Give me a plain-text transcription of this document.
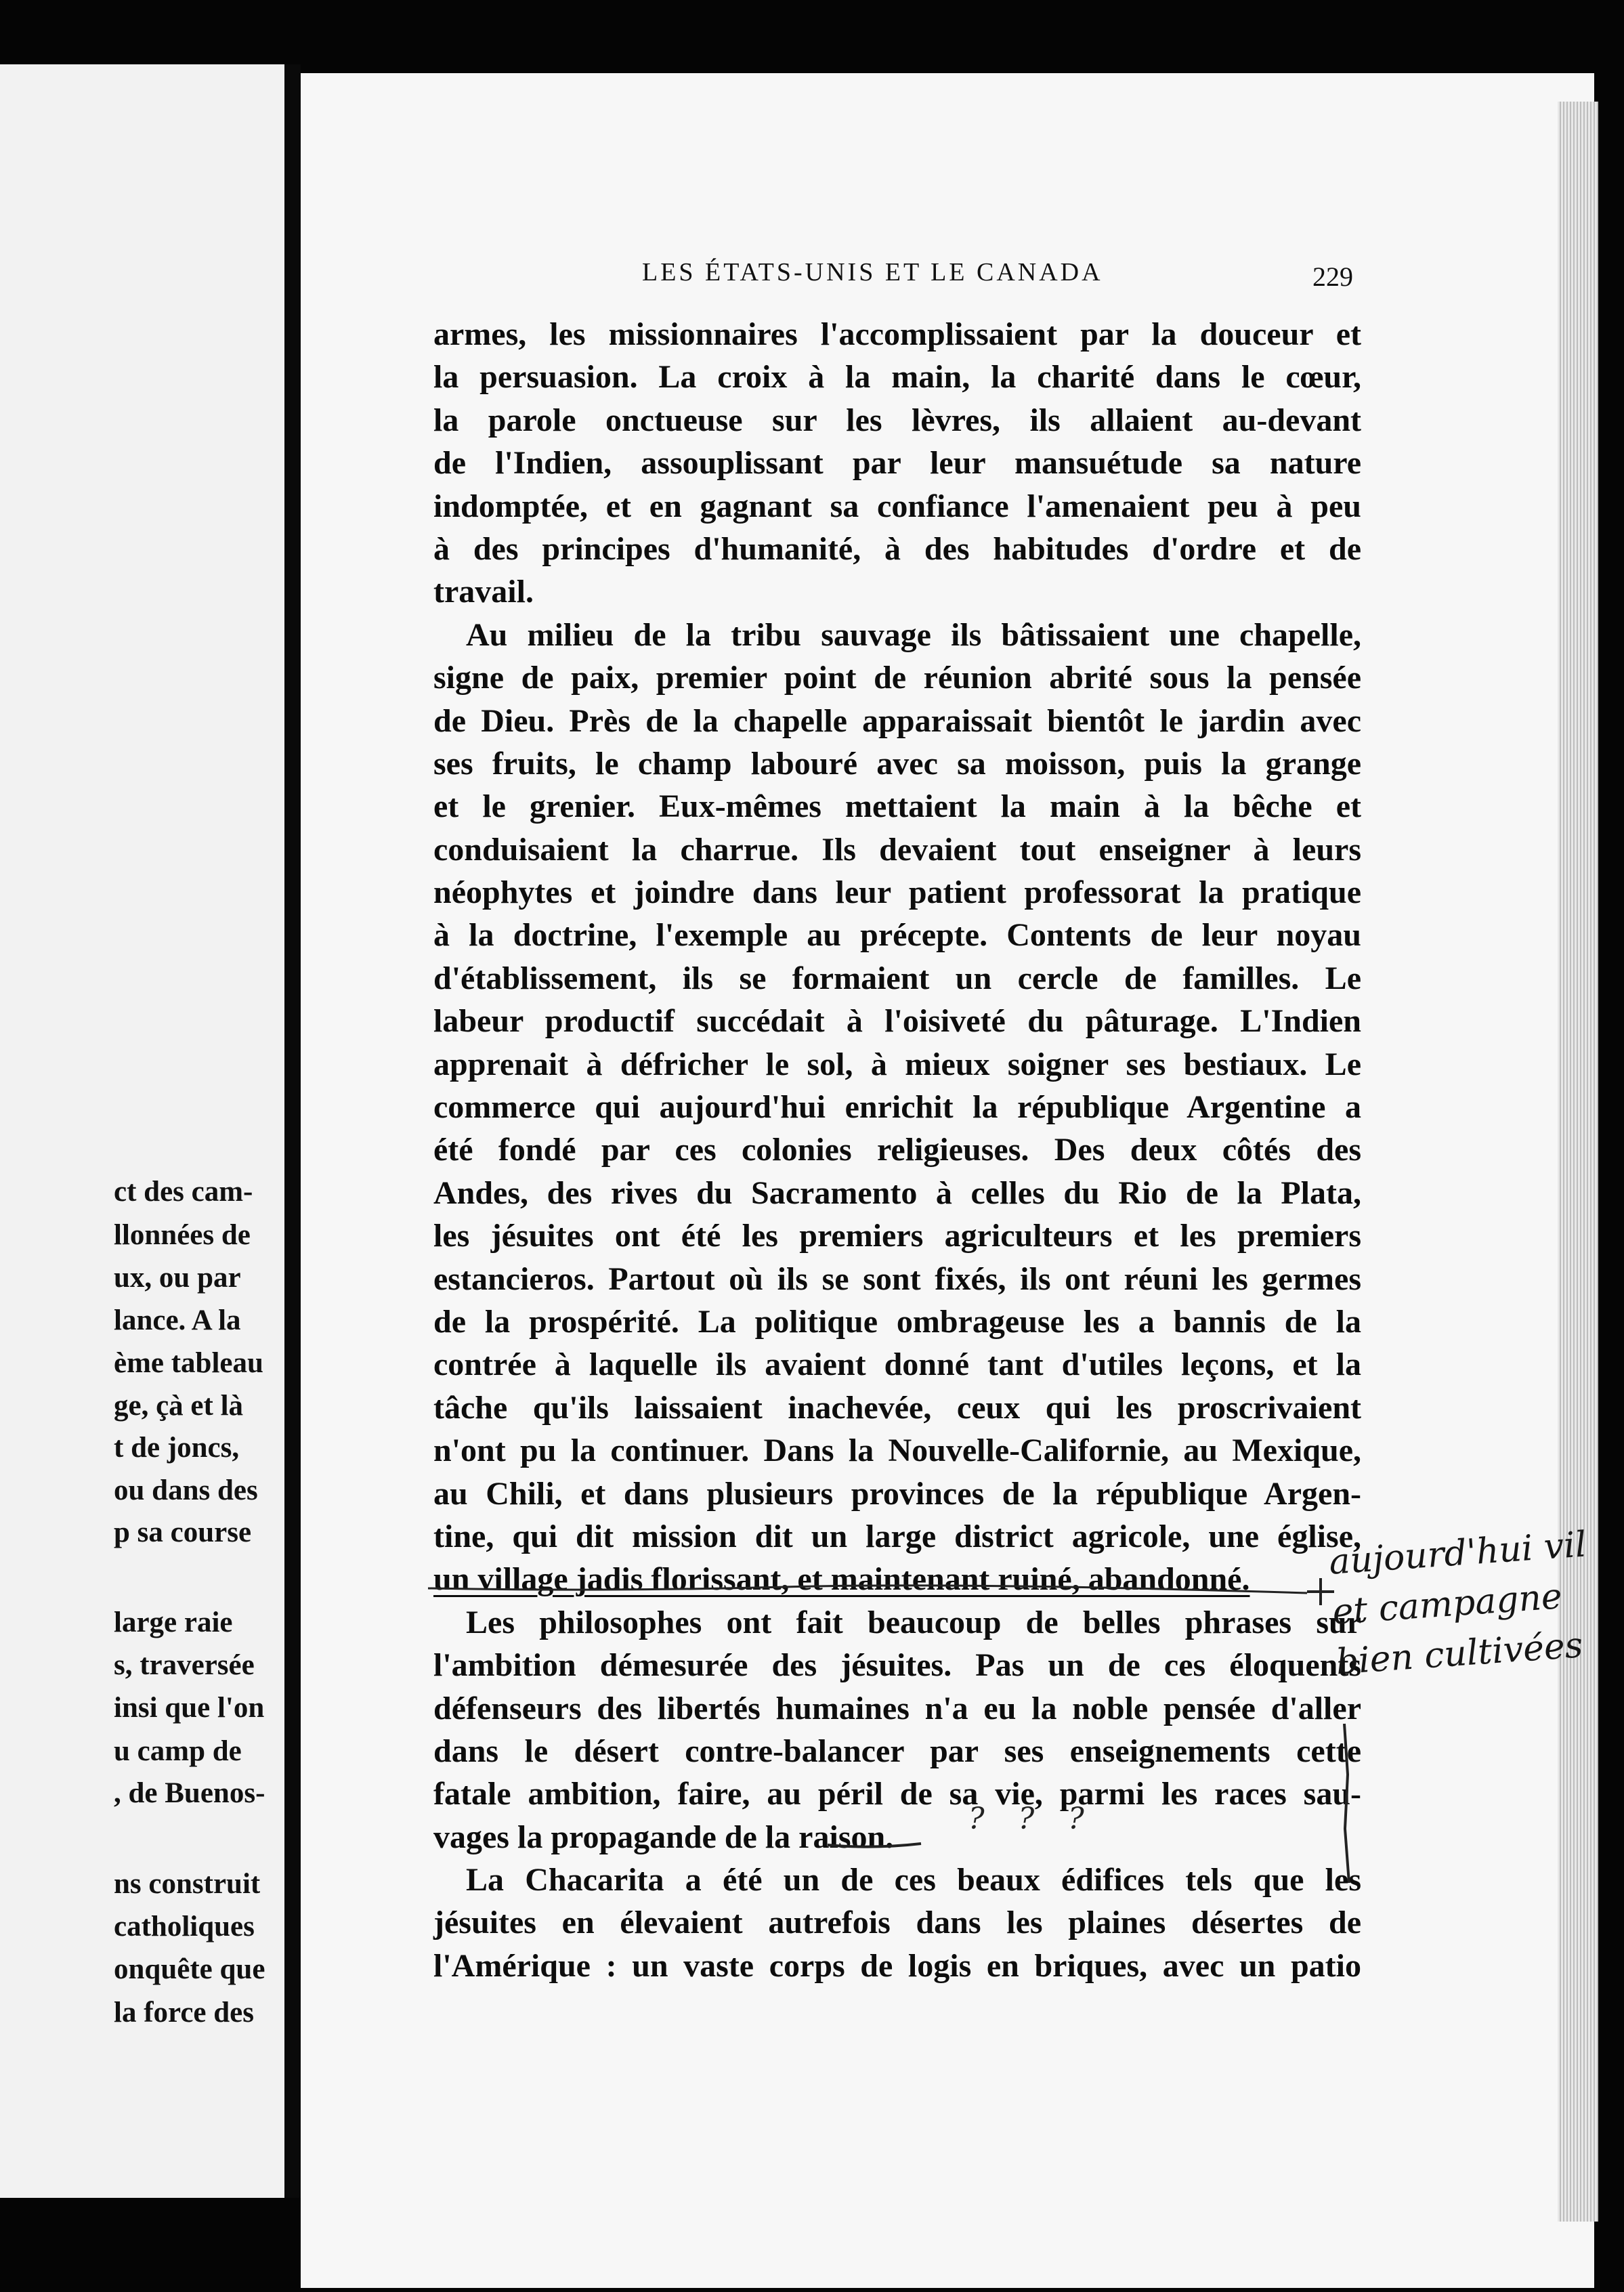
ct des cam-
llonnées de
ux, ou par
lance. A la
ème tableau
ge, çà et là
t de joncs,
ou dans des
p sa course
large raie
s, traversée
insi que l'on
u camp de
, de Buenos-
ns construit
catholiques
onquête que
la force des
LES ÉTATS-UNIS ET LE CANADA	229
armes, les missionnaires l'accomplissaient par la douceur et
la persuasion. La croix à la main, la charité dans le cœur,
la parole onctueuse sur les lèvres, ils allaient au-devant
de l'Indien, assouplissant par leur mansuétude sa nature
indomptée, et en gagnant sa confiance l'amenaient peu à peu
à des principes d'humanité, à des habitudes d'ordre et de
travail.
Au milieu de la tribu sauvage ils bâtissaient une chapelle,
signe de paix, premier point de réunion abrité sous la pensée
de Dieu. Près de la chapelle apparaissait bientôt le jardin avec
ses fruits, le champ labouré avec sa moisson, puis la grange
et le grenier. Eux-mêmes mettaient la main à la bêche et
conduisaient la charrue. Ils devaient tout enseigner à leurs
néophytes et joindre dans leur patient professorat la pratique
à la doctrine, l'exemple au précepte. Contents de leur noyau
d'établissement, ils se formaient un cercle de familles. Le
labeur productif succédait à l'oisiveté du pâturage. L'Indien
apprenait à défricher le sol, à mieux soigner ses bestiaux. Le
commerce qui aujourd'hui enrichit la république Argentine a
été fondé par ces colonies religieuses. Des deux côtés des
Andes, des rives du Sacramento à celles du Rio de la Plata,
les jésuites ont été les premiers agriculteurs et les premiers
estancieros. Partout où ils se sont fixés, ils ont réuni les germes
de la prospérité. La politique ombrageuse les a bannis de la
contrée à laquelle ils avaient donné tant d'utiles leçons, et la
tâche qu'ils laissaient inachevée, ceux qui les proscrivaient
n'ont pu la continuer. Dans la Nouvelle-Californie, au Mexique,
au Chili, et dans plusieurs provinces de la république Argen-
tine, qui dit mission dit un large district agricole, une église,
un village jadis florissant, et maintenant ruiné, abandonné.
Les philosophes ont fait beaucoup de belles phrases sur
l'ambition démesurée des jésuites. Pas un de ces éloquents
défenseurs des libertés humaines n'a eu la noble pensée d'aller
dans le désert contre-balancer par ses enseignements cette
fatale ambition, faire, au péril de sa vie, parmi les races sau-
vages la propagande de la raison.
La Chacarita a été un de ces beaux édifices tels que les
jésuites en élevaient autrefois dans les plaines désertes de
l'Amérique : un vaste corps de logis en briques, avec un patio
aujourd'hui vil
et campagne
bien cultivées
? ? ?
